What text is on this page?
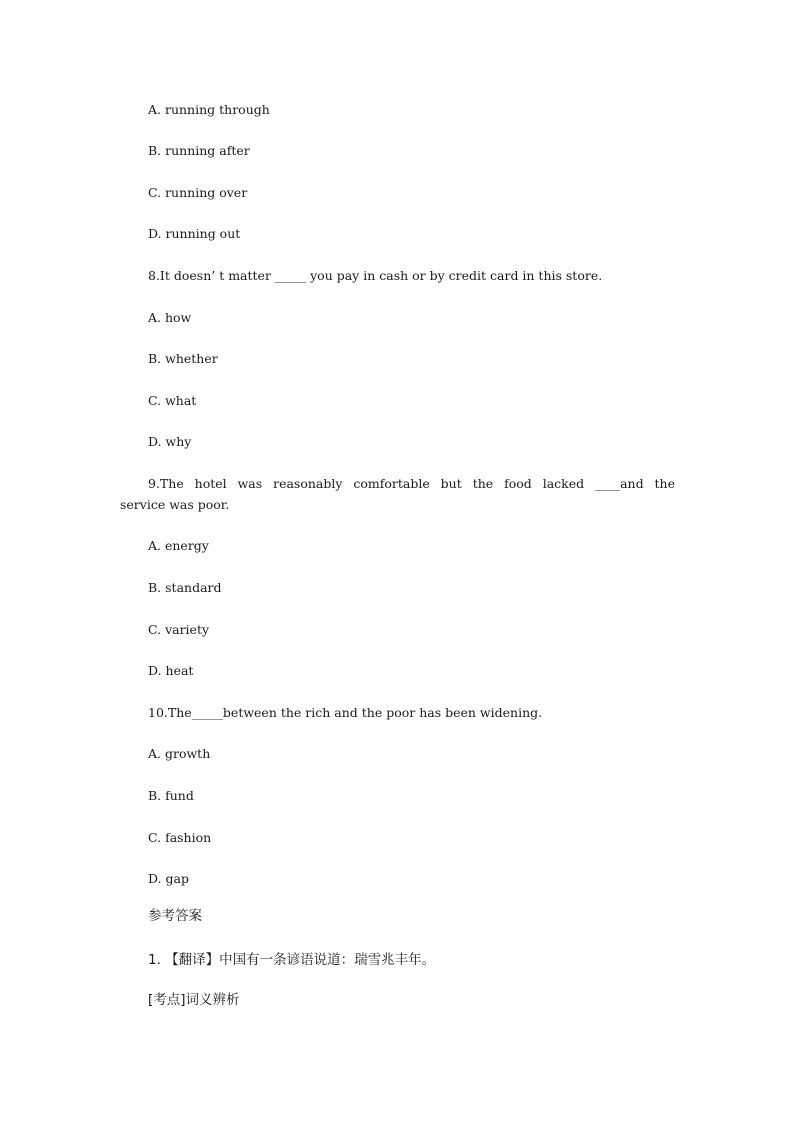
A. running through
B. running after
C. running over
D. running out
8.It doesn’ t matter _____ you pay in cash or by credit card in this store.
A. how
B. whether
C. what
D. why
9.The hotel was reasonably comfortable but the food lacked ____and the
service was poor.
A. energy
B. standard
C. variety
D. heat
10.The_____between the rich and the poor has been widening.
A. growth
B. fund
C. fashion
D. gap
参考答案
1. 【翻译】中国有一条谚语说道：瑞雪兆丰年。
[考点]词义辨析
